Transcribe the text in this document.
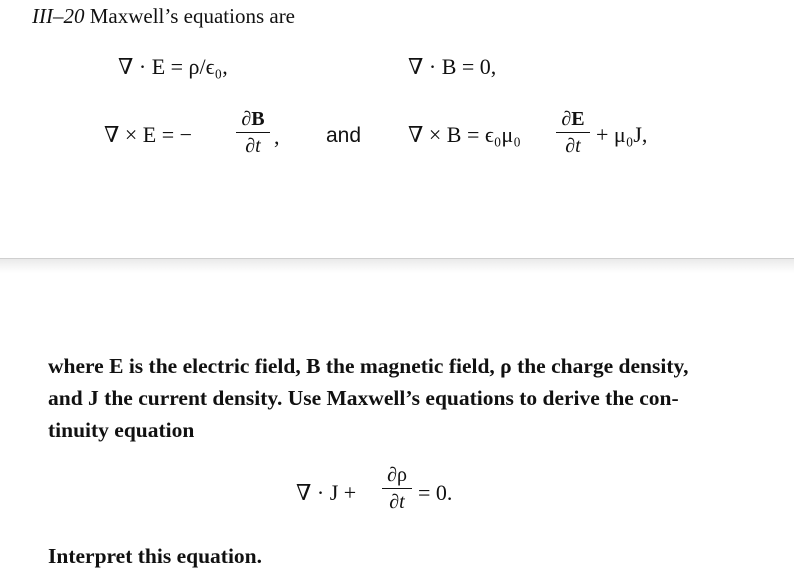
III–20 Maxwell’s equations are
∇ · E = ρ/ϵ₀,	∇ · B = 0,
∇ × E = −
∂B
∂t , and ∇ × B = ϵ₀μ₀
∂E
∂t + μ₀J,
where E is the electric field, B the magnetic field, ρ the charge density,
and J the current density. Use Maxwell’s equations to derive the con-
tinuity equation
∇ · J +
∂ρ
∂t = 0.
Interpret this equation.
